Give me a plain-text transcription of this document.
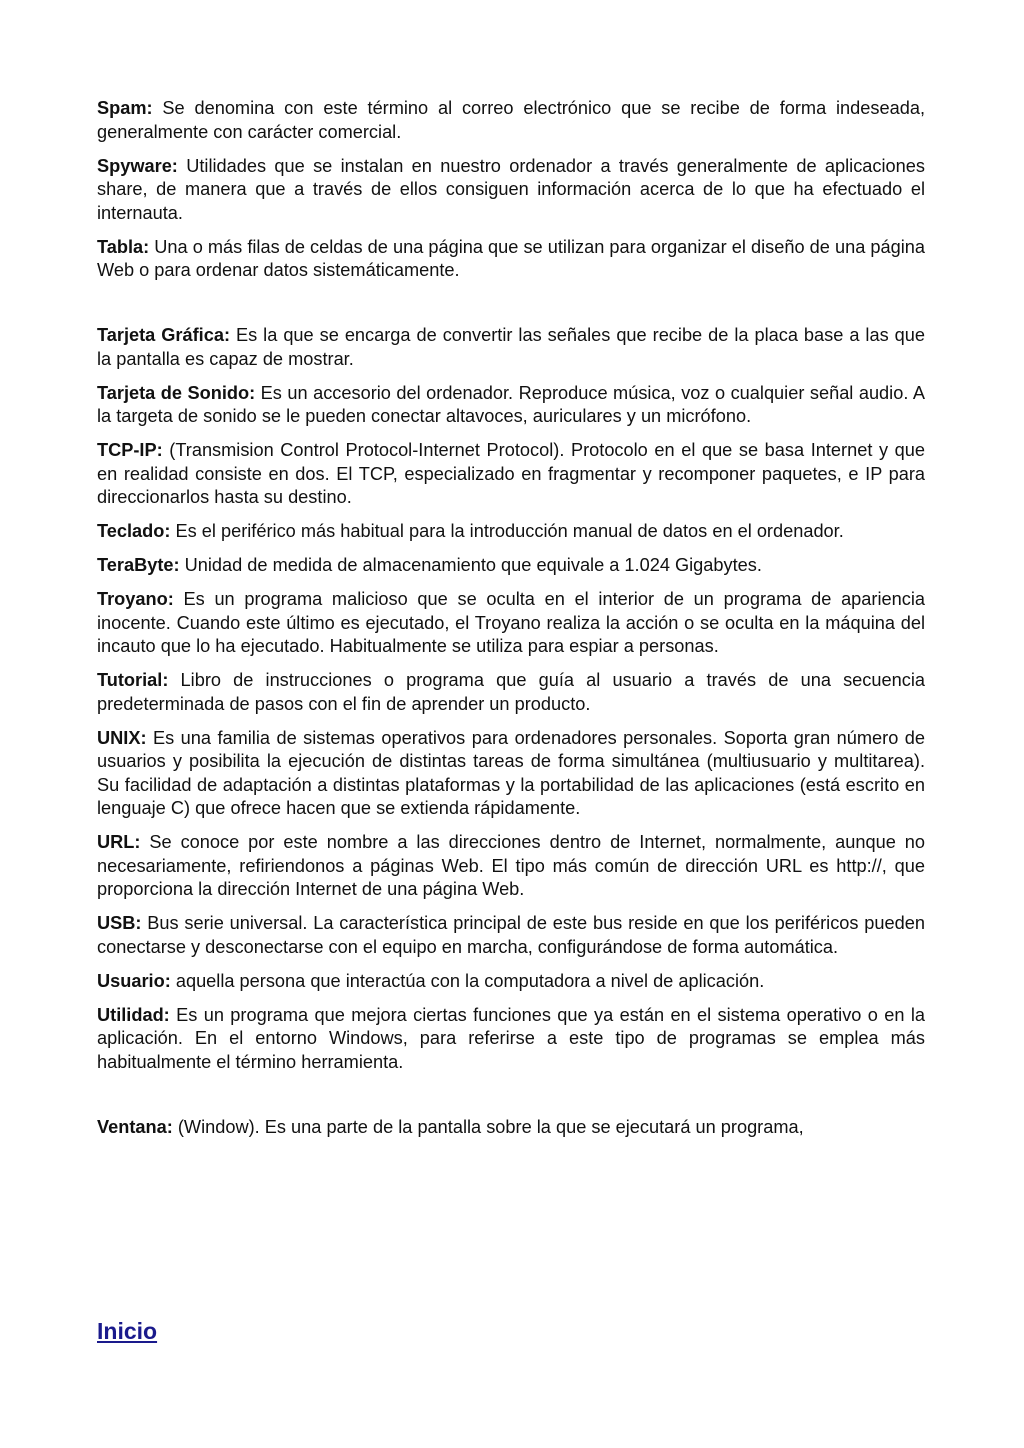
Spam: Se denomina con este término al correo electrónico que se recibe de forma indeseada, generalmente con carácter comercial.

Spyware: Utilidades que se instalan en nuestro ordenador a través generalmente de aplicaciones share, de manera que a través de ellos consiguen información acerca de lo que ha efectuado el internauta.

Tabla: Una o más filas de celdas de una página que se utilizan para organizar el diseño de una página Web o para ordenar datos sistemáticamente.

Tarjeta Gráfica: Es la que se encarga de convertir las señales que recibe de la placa base a las que la pantalla es capaz de mostrar.

Tarjeta de Sonido: Es un accesorio del ordenador. Reproduce música, voz o cualquier señal audio. A la targeta de sonido se le pueden conectar altavoces, auriculares y un micrófono.

TCP-IP: (Transmision Control Protocol-Internet Protocol). Protocolo en el que se basa Internet y que en realidad consiste en dos. El TCP, especializado en fragmentar y recomponer paquetes, e IP para direccionarlos hasta su destino.

Teclado: Es el periférico más habitual para la introducción manual de datos en el ordenador.

TeraByte: Unidad de medida de almacenamiento que equivale a 1.024 Gigabytes.

Troyano: Es un programa malicioso que se oculta en el interior de un programa de apariencia inocente. Cuando este último es ejecutado, el Troyano realiza la acción o se oculta en la máquina del incauto que lo ha ejecutado. Habitualmente se utiliza para espiar a personas.

Tutorial: Libro de instrucciones o programa que guía al usuario a través de una secuencia predeterminada de pasos con el fin de aprender un producto.

UNIX: Es una familia de sistemas operativos para ordenadores personales. Soporta gran número de usuarios y posibilita la ejecución de distintas tareas de forma simultánea (multiusuario y multitarea). Su facilidad de adaptación a distintas plataformas y la portabilidad de las aplicaciones (está escrito en lenguaje C) que ofrece hacen que se extienda rápidamente.

URL: Se conoce por este nombre a las direcciones dentro de Internet, normalmente, aunque no necesariamente, refiriendonos a páginas Web. El tipo más común de dirección URL es http://, que proporciona la dirección Internet de una página Web.

USB: Bus serie universal. La característica principal de este bus reside en que los periféricos pueden conectarse y desconectarse con el equipo en marcha, configurándose de forma automática.

Usuario: aquella persona que interactúa con la computadora a nivel de aplicación.

Utilidad: Es un programa que mejora ciertas funciones que ya están en el sistema operativo o en la aplicación. En el entorno Windows, para referirse a este tipo de programas se emplea más habitualmente el término herramienta.

Ventana: (Window). Es una parte de la pantalla sobre la que se ejecutará un programa,

Inicio
